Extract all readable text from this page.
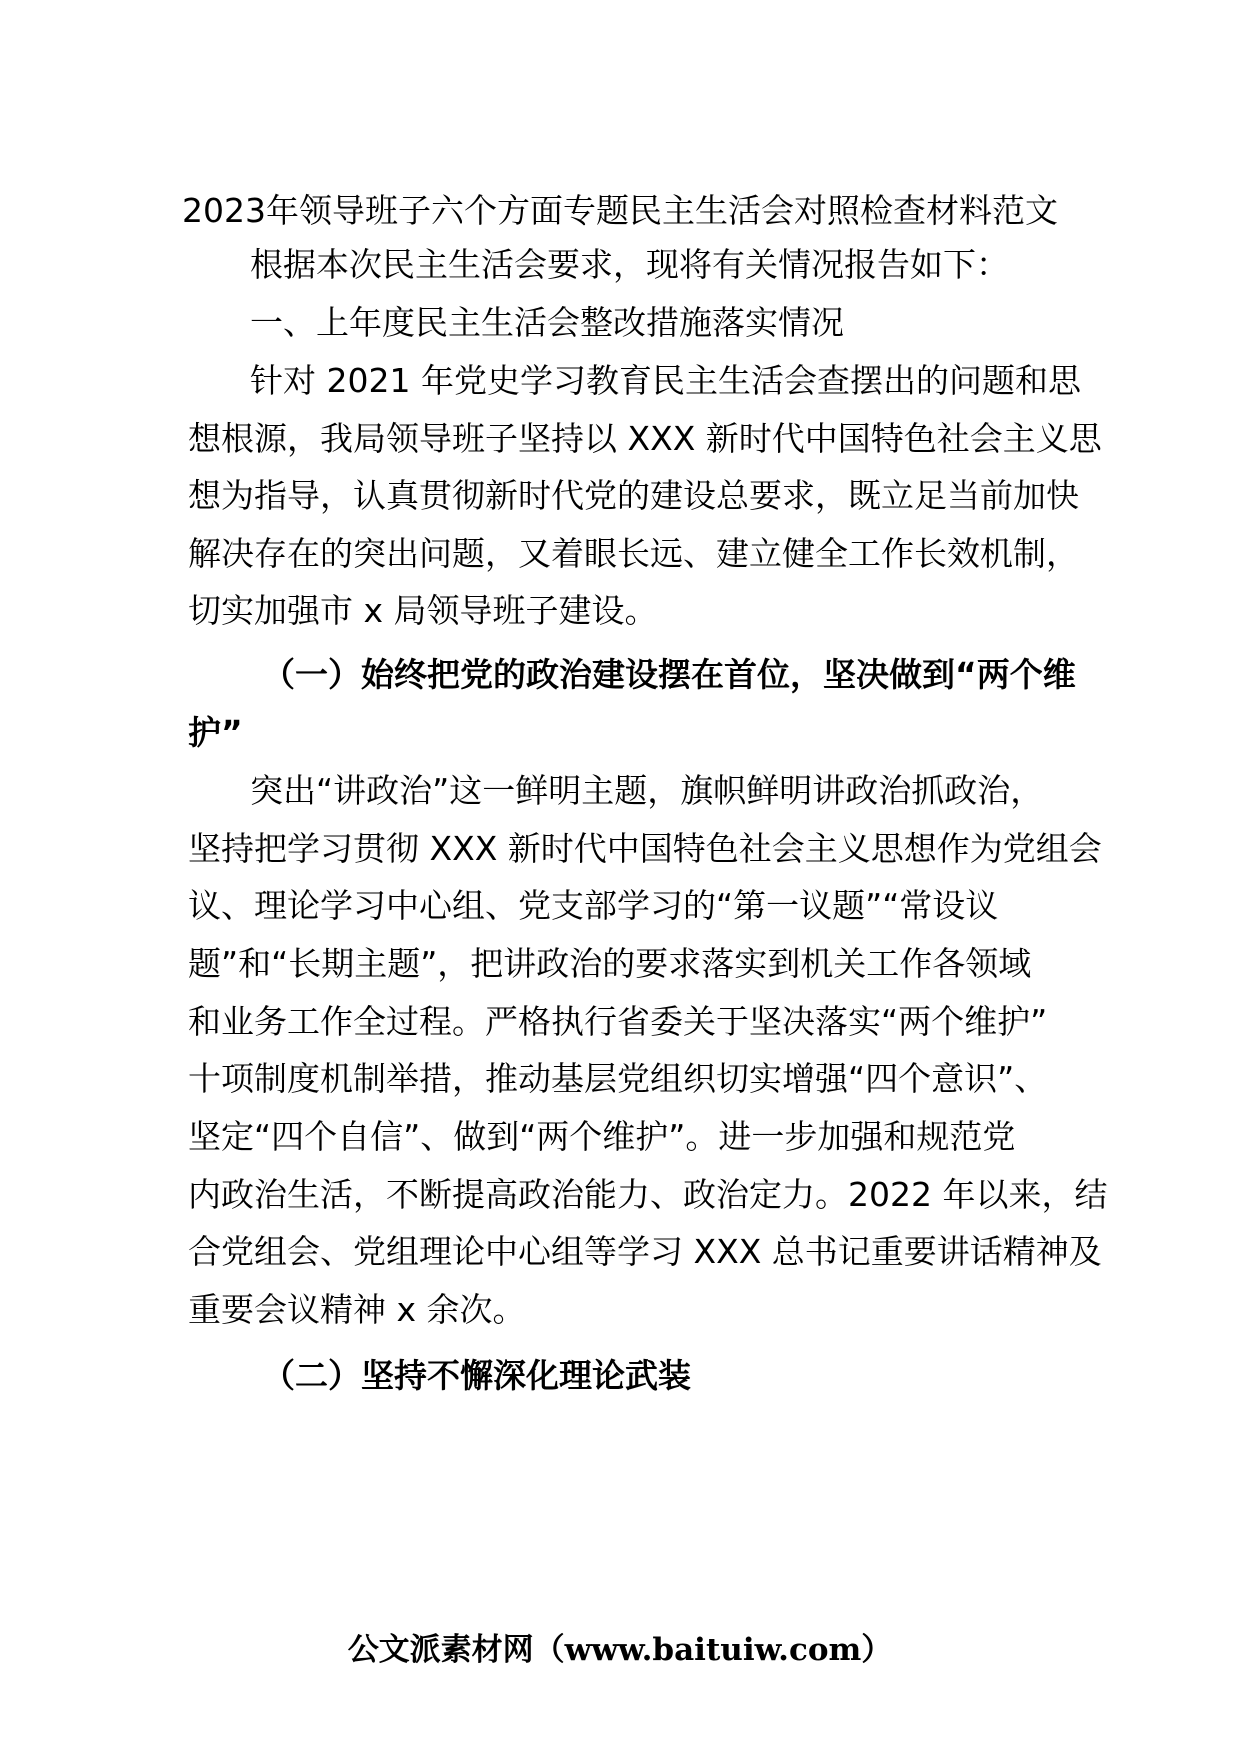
2023年领导班子六个方面专题民主生活会对照检查材料范文
根据本次民主生活会要求，现将有关情况报告如下：
一、上年度民主生活会整改措施落实情况
针对 2021 年党史学习教育民主生活会查摆出的问题和思
想根源，我局领导班子坚持以 XXX 新时代中国特色社会主义思
想为指导，认真贯彻新时代党的建设总要求，既立足当前加快
解决存在的突出问题，又着眼长远、建立健全工作长效机制，
切实加强市 x 局领导班子建设。
（一）始终把党的政治建设摆在首位，坚决做到“两个维
护”
突出“讲政治”这一鲜明主题，旗帜鲜明讲政治抓政治，
坚持把学习贯彻 XXX 新时代中国特色社会主义思想作为党组会
议、理论学习中心组、党支部学习的“第一议题”“常设议
题”和“长期主题”，把讲政治的要求落实到机关工作各领域
和业务工作全过程。严格执行省委关于坚决落实“两个维护”
十项制度机制举措，推动基层党组织切实增强“四个意识”、
坚定“四个自信”、做到“两个维护”。进一步加强和规范党
内政治生活，不断提高政治能力、政治定力。2022 年以来，结
合党组会、党组理论中心组等学习 XXX 总书记重要讲话精神及
重要会议精神 x 余次。
（二）坚持不懈深化理论武装
公文派素材网（www.baituiw.com）
